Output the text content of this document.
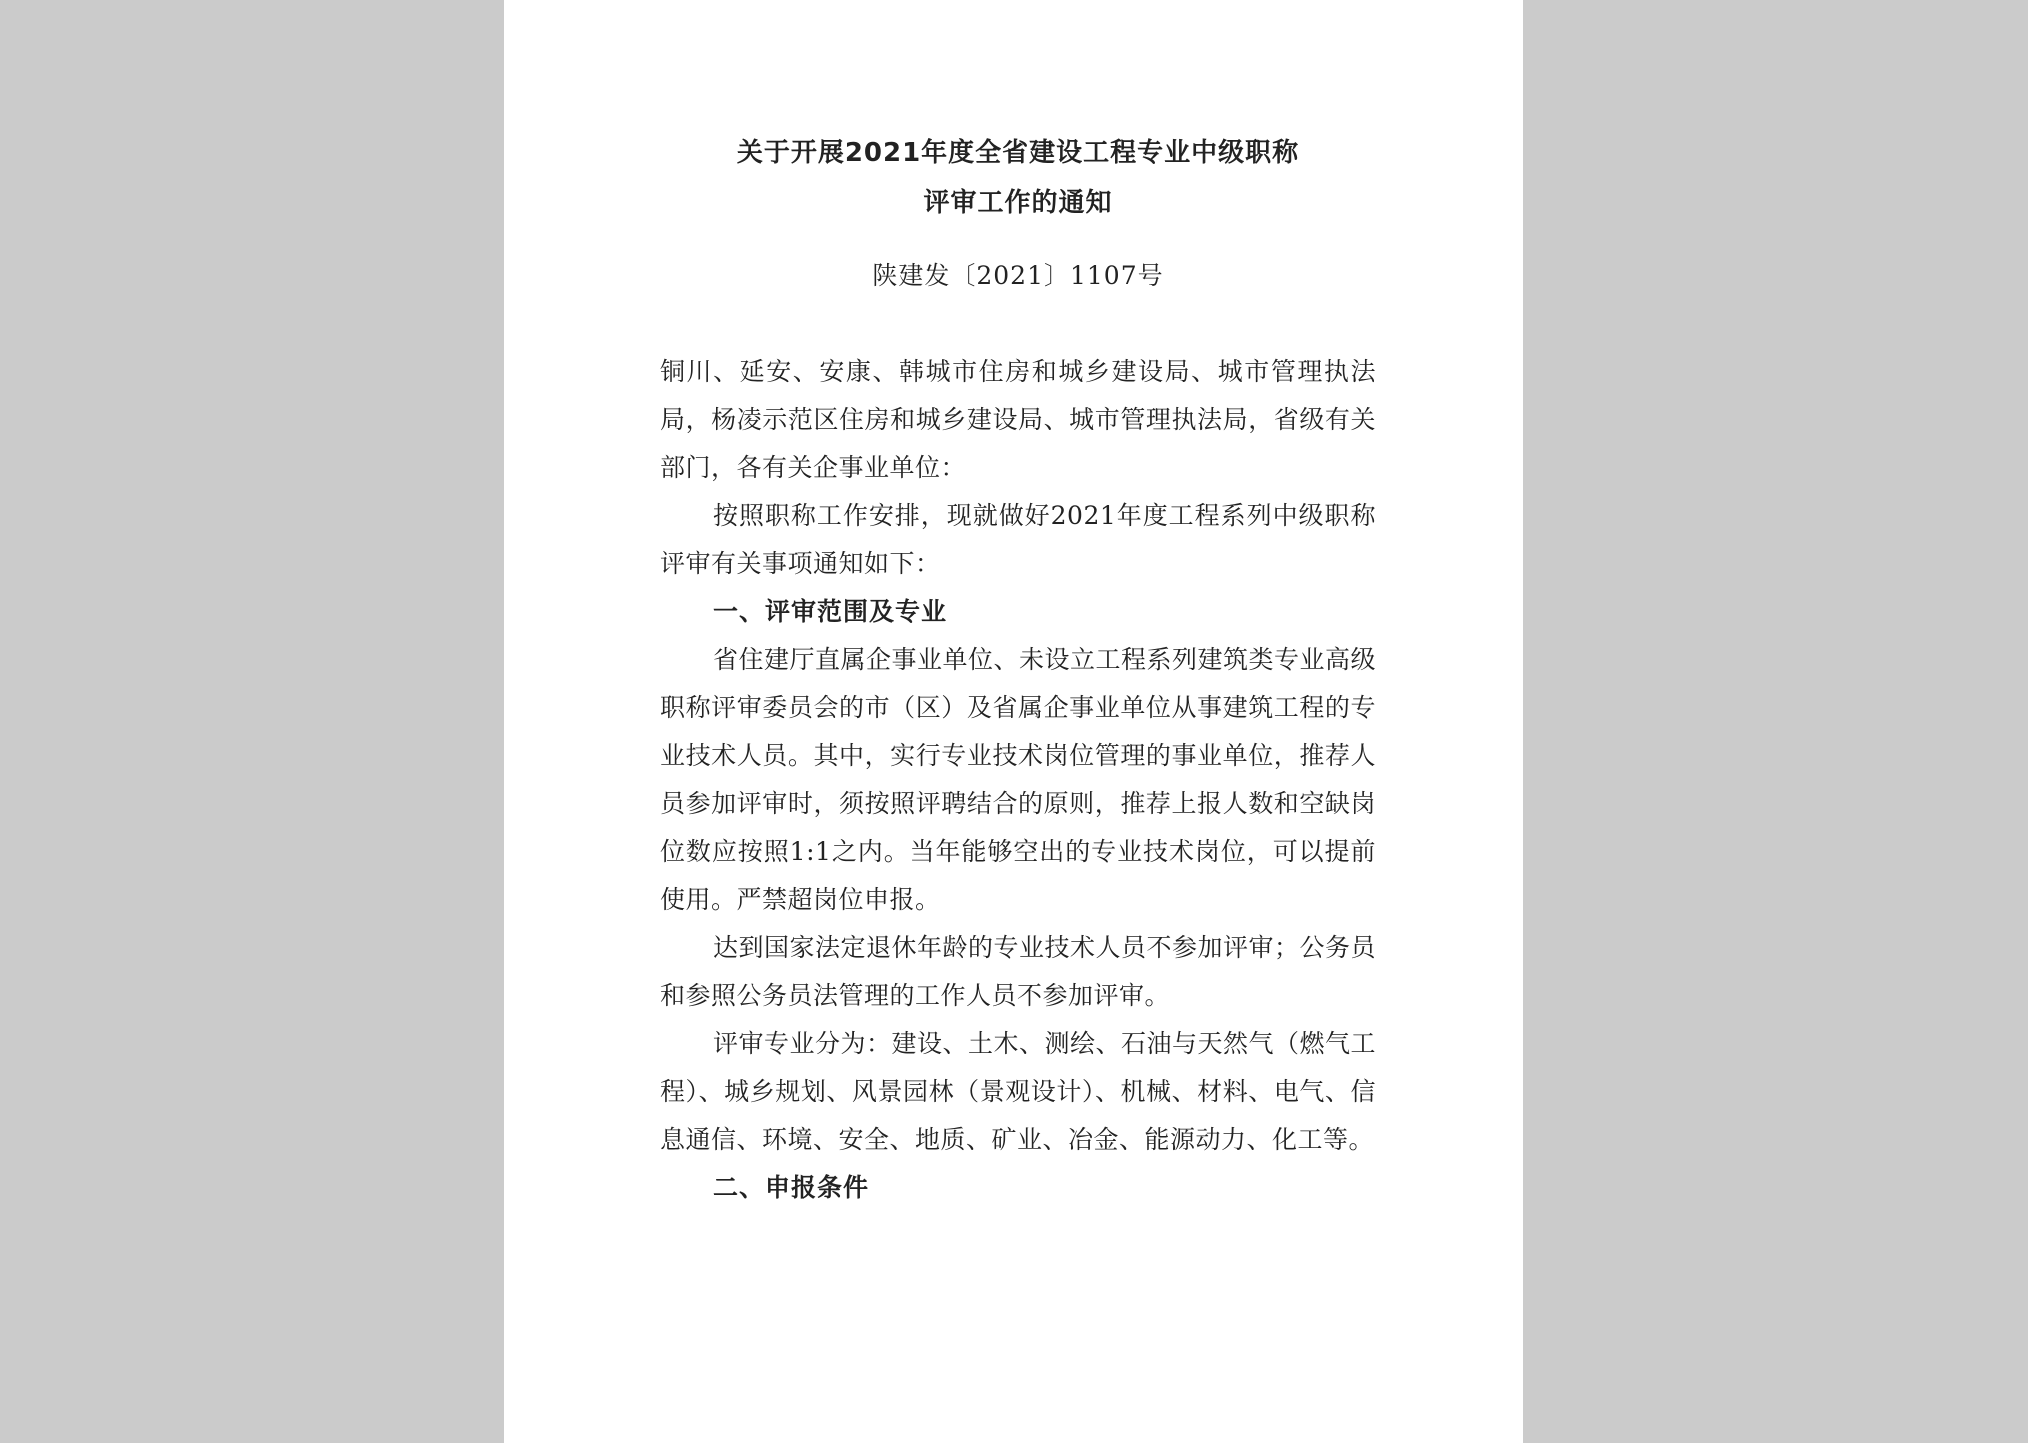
关于开展2021年度全省建设工程专业中级职称
评审工作的通知
陕建发〔2021〕1107号

铜川、延安、安康、韩城市住房和城乡建设局、城市管理执法局，杨凌示范区住房和城乡建设局、城市管理执法局，省级有关部门，各有关企事业单位：

按照职称工作安排，现就做好2021年度工程系列中级职称评审有关事项通知如下：

一、评审范围及专业

省住建厅直属企事业单位、未设立工程系列建筑类专业高级职称评审委员会的市（区）及省属企事业单位从事建筑工程的专业技术人员。其中，实行专业技术岗位管理的事业单位，推荐人员参加评审时，须按照评聘结合的原则，推荐上报人数和空缺岗位数应按照1:1之内。当年能够空出的专业技术岗位，可以提前使用。严禁超岗位申报。

达到国家法定退休年龄的专业技术人员不参加评审；公务员和参照公务员法管理的工作人员不参加评审。

评审专业分为：建设、土木、测绘、石油与天然气（燃气工程）、城乡规划、风景园林（景观设计）、机械、材料、电气、信息通信、环境、安全、地质、矿业、冶金、能源动力、化工等。

二、申报条件
